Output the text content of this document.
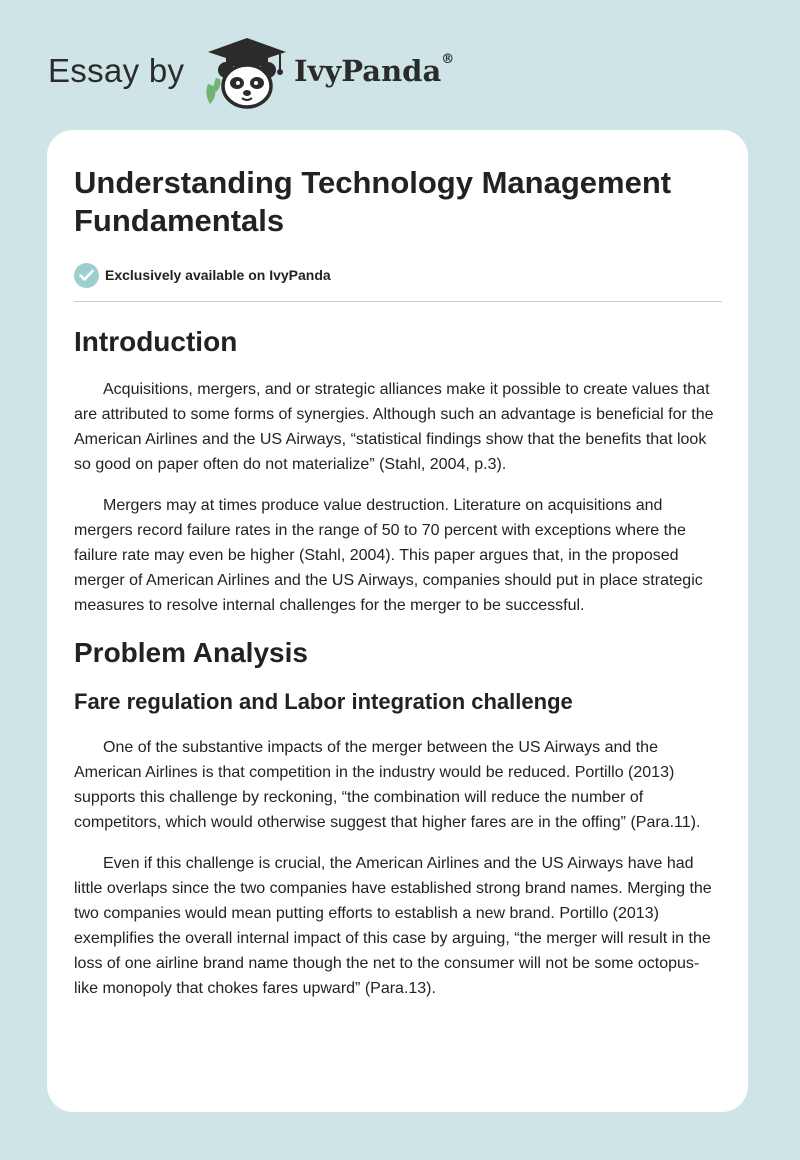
Essay by	IvyPanda®
Understanding Technology Management
Fundamentals
Exclusively available on IvyPanda
Introduction

Acquisitions, mergers, and or strategic alliances make it possible to create values that are attributed to some forms of synergies. Although such an advantage is beneficial for the American Airlines and the US Airways, “statistical findings show that the benefits that look so good on paper often do not materialize” (Stahl, 2004, p.3).

Mergers may at times produce value destruction. Literature on acquisitions and mergers record failure rates in the range of 50 to 70 percent with exceptions where the failure rate may even be higher (Stahl, 2004). This paper argues that, in the proposed merger of American Airlines and the US Airways, companies should put in place strategic measures to resolve internal challenges for the merger to be successful.

Problem Analysis
Fare regulation and Labor integration challenge

One of the substantive impacts of the merger between the US Airways and the American Airlines is that competition in the industry would be reduced. Portillo (2013) supports this challenge by reckoning, “the combination will reduce the number of competitors, which would otherwise suggest that higher fares are in the offing” (Para.11).

Even if this challenge is crucial, the American Airlines and the US Airways have had little overlaps since the two companies have established strong brand names. Merging the two companies would mean putting efforts to establish a new brand. Portillo (2013) exemplifies the overall internal impact of this case by arguing, “the merger will result in the loss of one airline brand name though the net to the consumer will not be some octopus-like monopoly that chokes fares upward” (Para.13).
